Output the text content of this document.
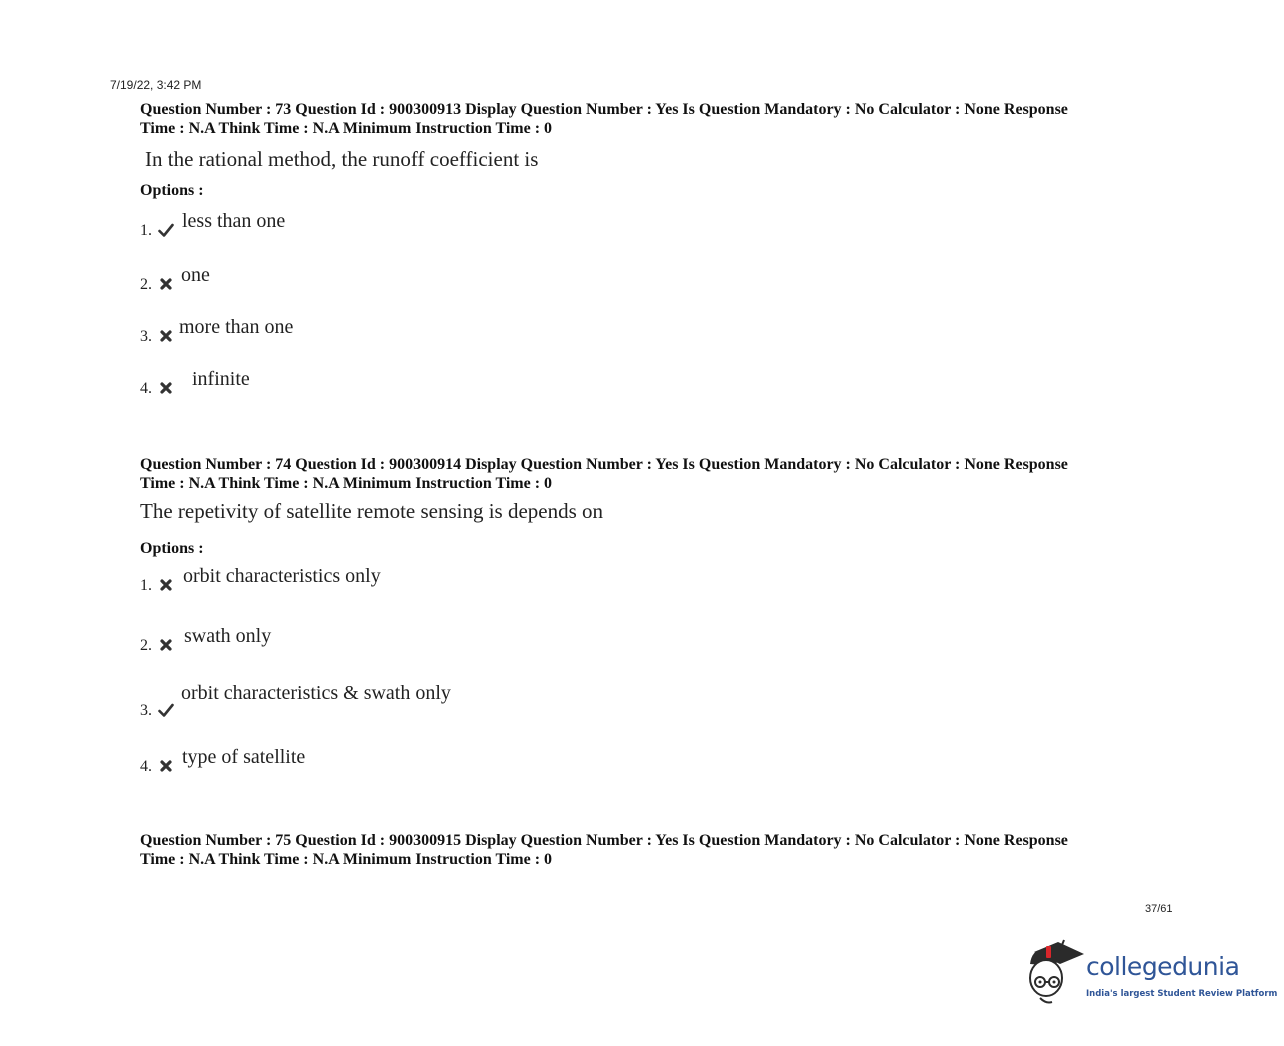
7/19/22, 3:42 PM

Question Number : 73 Question Id : 900300913 Display Question Number : Yes Is Question Mandatory : No Calculator : None Response

Time : N.A Think Time : N.A Minimum Instruction Time : 0

In the rational method, the runoff coefficient is
Options :
1. less than one
2. one
3. more than one
4. infinite

Question Number : 74 Question Id : 900300914 Display Question Number : Yes Is Question Mandatory : No Calculator : None Response

Time : N.A Think Time : N.A Minimum Instruction Time : 0

The repetivity of satellite remote sensing is depends on
Options :
1. orbit characteristics only
2. swath only
3.
orbit characteristics & swath only
4. type of satellite

Question Number : 75 Question Id : 900300915 Display Question Number : Yes Is Question Mandatory : No Calculator : None Response

Time : N.A Think Time : N.A Minimum Instruction Time : 0

37/61
collegedunia
India's largest Student Review Platform
